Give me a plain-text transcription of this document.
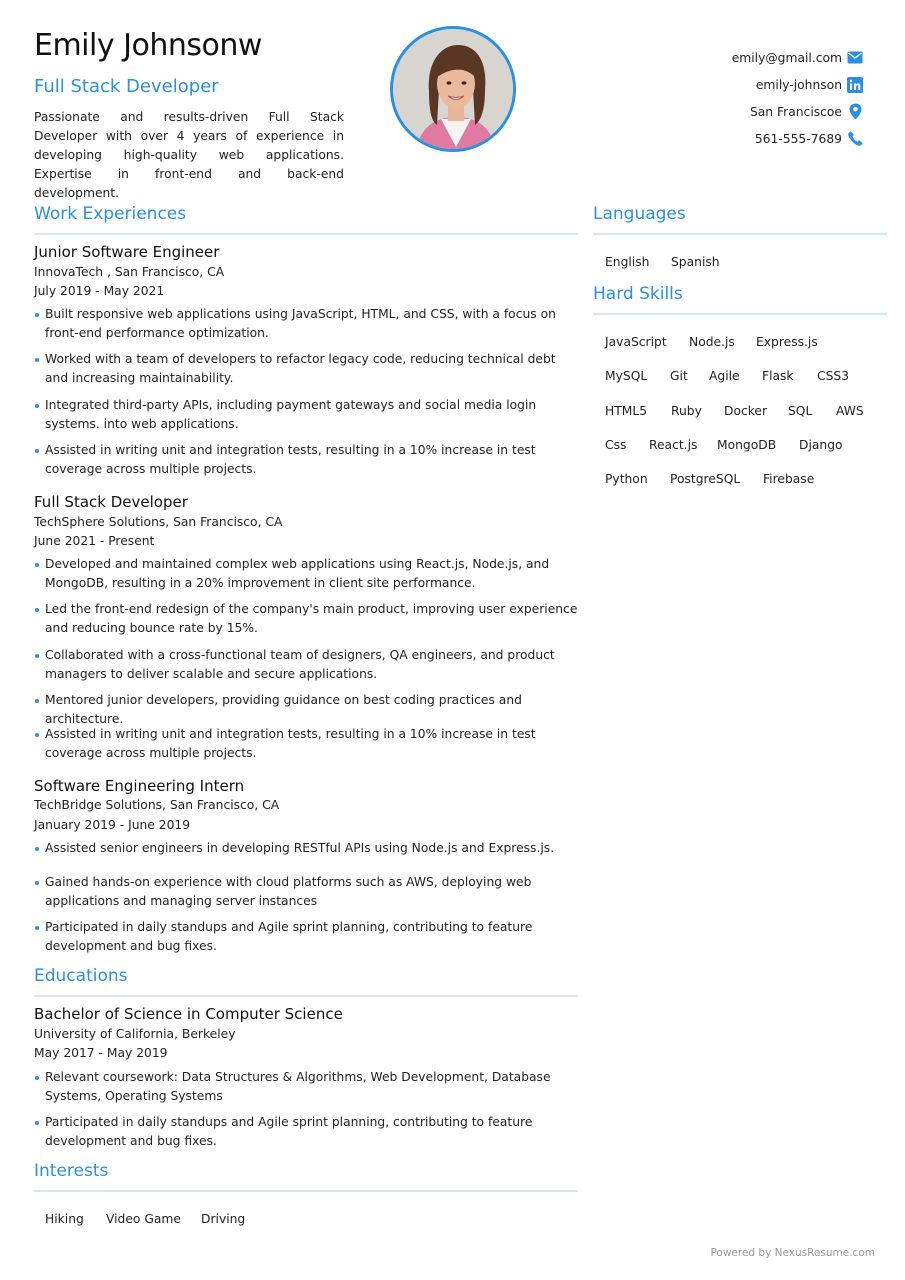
Emily Johnsonw
Full Stack Developer
Passionate and results-driven Full Stack Developer with over 4 years of experience in developing high-quality web applications. Expertise in front-end and back-end development.
emily@gmail.com
emily-johnson
San Franciscoe
561-555-7689
Work Experiences
Junior Software Engineer
InnovaTech , San Francisco, CA
July 2019 - May 2021
Built responsive web applications using JavaScript, HTML, and CSS, with a focus on front-end performance optimization.
Worked with a team of developers to refactor legacy code, reducing technical debt and increasing maintainability.
Integrated third-party APIs, including payment gateways and social media login systems. into web applications.
Assisted in writing unit and integration tests, resulting in a 10% increase in test coverage across multiple projects.
Full Stack Developer
TechSphere Solutions, San Francisco, CA
June 2021 - Present
Developed and maintained complex web applications using React.js, Node.js, and MongoDB, resulting in a 20% improvement in client site performance.
Led the front-end redesign of the company's main product, improving user experience and reducing bounce rate by 15%.
Collaborated with a cross-functional team of designers, QA engineers, and product managers to deliver scalable and secure applications.
Mentored junior developers, providing guidance on best coding practices and architecture.
Assisted in writing unit and integration tests, resulting in a 10% increase in test coverage across multiple projects.
Software Engineering Intern
TechBridge Solutions, San Francisco, CA
January 2019 - June 2019
Assisted senior engineers in developing RESTful APIs using Node.js and Express.js.
Gained hands-on experience with cloud platforms such as AWS, deploying web applications and managing server instances
Participated in daily standups and Agile sprint planning, contributing to feature development and bug fixes.
Educations
Bachelor of Science in Computer Science
University of California, Berkeley
May 2017 - May 2019
Relevant coursework: Data Structures & Algorithms, Web Development, Database Systems, Operating Systems
Participated in daily standups and Agile sprint planning, contributing to feature development and bug fixes.
Interests
Hiking Video Game Driving
Languages
English Spanish
Hard Skills
JavaScript Node.js Express.js
MySQL Git Agile Flask CSS3
HTML5 Ruby Docker SQL AWS
Css React.js MongoDB Django
Python PostgreSQL Firebase
Powered by NexusResume.com
